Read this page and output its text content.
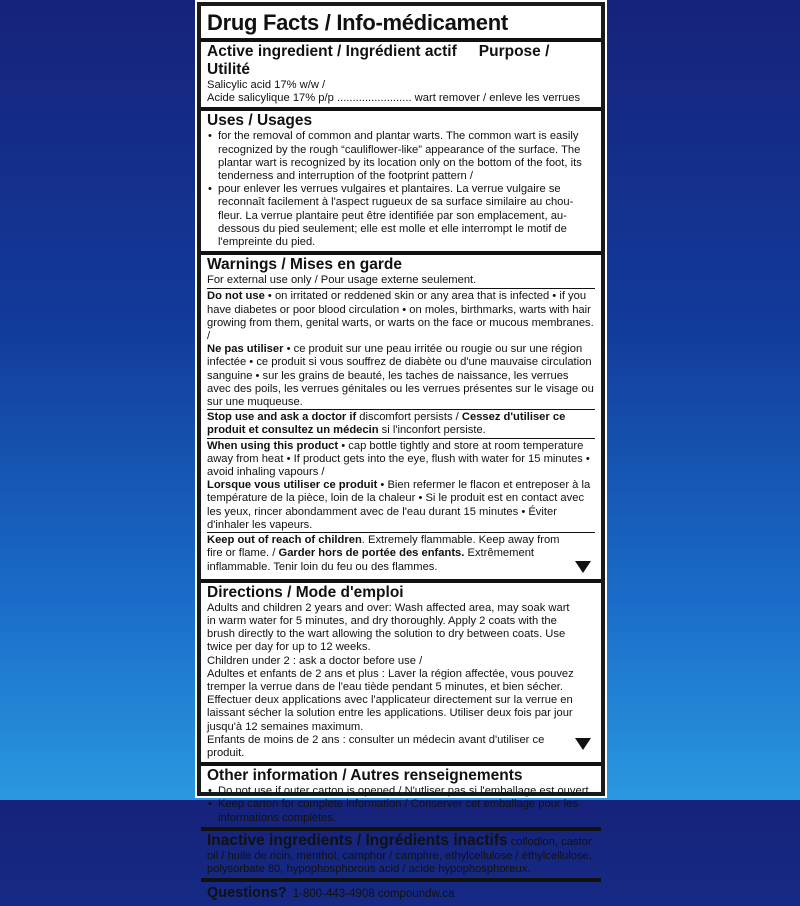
Drug Facts / Info-médicament
Active ingredient / Ingrédient actif Purpose / Utilité
Salicylic acid 17% w/w /
Acide salicylique 17% p/p ........................ wart remover / enleve les verrues
Uses / Usages
• for the removal of common and plantar warts. The common wart is easily recognized by the rough “cauliflower-like” appearance of the surface. The plantar wart is recognized by its location only on the bottom of the foot, its tenderness and interruption of the footprint pattern /
• pour enlever les verrues vulgaires et plantaires. La verrue vulgaire se reconnaît facilement à l'aspect rugueux de sa surface similaire au chou-fleur. La verrue plantaire peut être identifiée par son emplacement, au-dessous du pied seulement; elle est molle et elle interrompt le motif de l'empreinte du pied.
Warnings / Mises en garde
For external use only / Pour usage externe seulement.
Do not use • on irritated or reddened skin or any area that is infected • if you have diabetes or poor blood circulation • on moles, birthmarks, warts with hair growing from them, genital warts, or warts on the face or mucous membranes. /
Ne pas utiliser • ce produit sur une peau irritée ou rougie ou sur une région infectée • ce produit si vous souffrez de diabète ou d'une mauvaise circulation sanguine • sur les grains de beauté, les taches de naissance, les verrues avec des poils, les verrues génitales ou les verrues présentes sur le visage ou sur une muqueuse.
Stop use and ask a doctor if discomfort persists / Cessez d'utiliser ce produit et consultez un médecin si l'inconfort persiste.
When using this product • cap bottle tightly and store at room temperature away from heat • If product gets into the eye, flush with water for 15 minutes • avoid inhaling vapours /
Lorsque vous utiliser ce produit • Bien refermer le flacon et entreposer à la température de la pièce, loin de la chaleur • Si le produit est en contact avec les yeux, rincer abondamment avec de l'eau durant 15 minutes • Éviter d'inhaler les vapeurs.
Keep out of reach of children. Extremely flammable. Keep away from fire or flame. / Garder hors de portée des enfants. Extrêmement inflammable. Tenir loin du feu ou des flammes.
Directions / Mode d'emploi
Adults and children 2 years and over: Wash affected area, may soak wart in warm water for 5 minutes, and dry thoroughly. Apply 2 coats with the brush directly to the wart allowing the solution to dry between coats. Use twice per day for up to 12 weeks.
Children under 2 : ask a doctor before use /
Adultes et enfants de 2 ans et plus : Laver la région affectée, vous pouvez tremper la verrue dans de l'eau tiède pendant 5 minutes, et bien sécher. Effectuer deux applications avec l'applicateur directement sur la verrue en laissant sécher la solution entre les applications. Utiliser deux fois par jour jusqu'à 12 semaines maximum.
Enfants de moins de 2 ans : consulter un médecin avant d'utiliser ce produit.
Other information / Autres renseignements
• Do not use if outer carton is opened / N'utliser pas si l'emballage est ouvert.
• Keep carton for complete information / Conserver cet emballage pour les informations complètes.
Inactive ingredients / Ingrédients inactifs collodion, castor oil / huile de ricin, menthol, camphor / camphre, ethylcellulose / éthylcellulose, polysorbate 80, hypophosphorous acid / acide hypophosphoreux.
Questions? 1-800-443-4908 compoundw.ca
